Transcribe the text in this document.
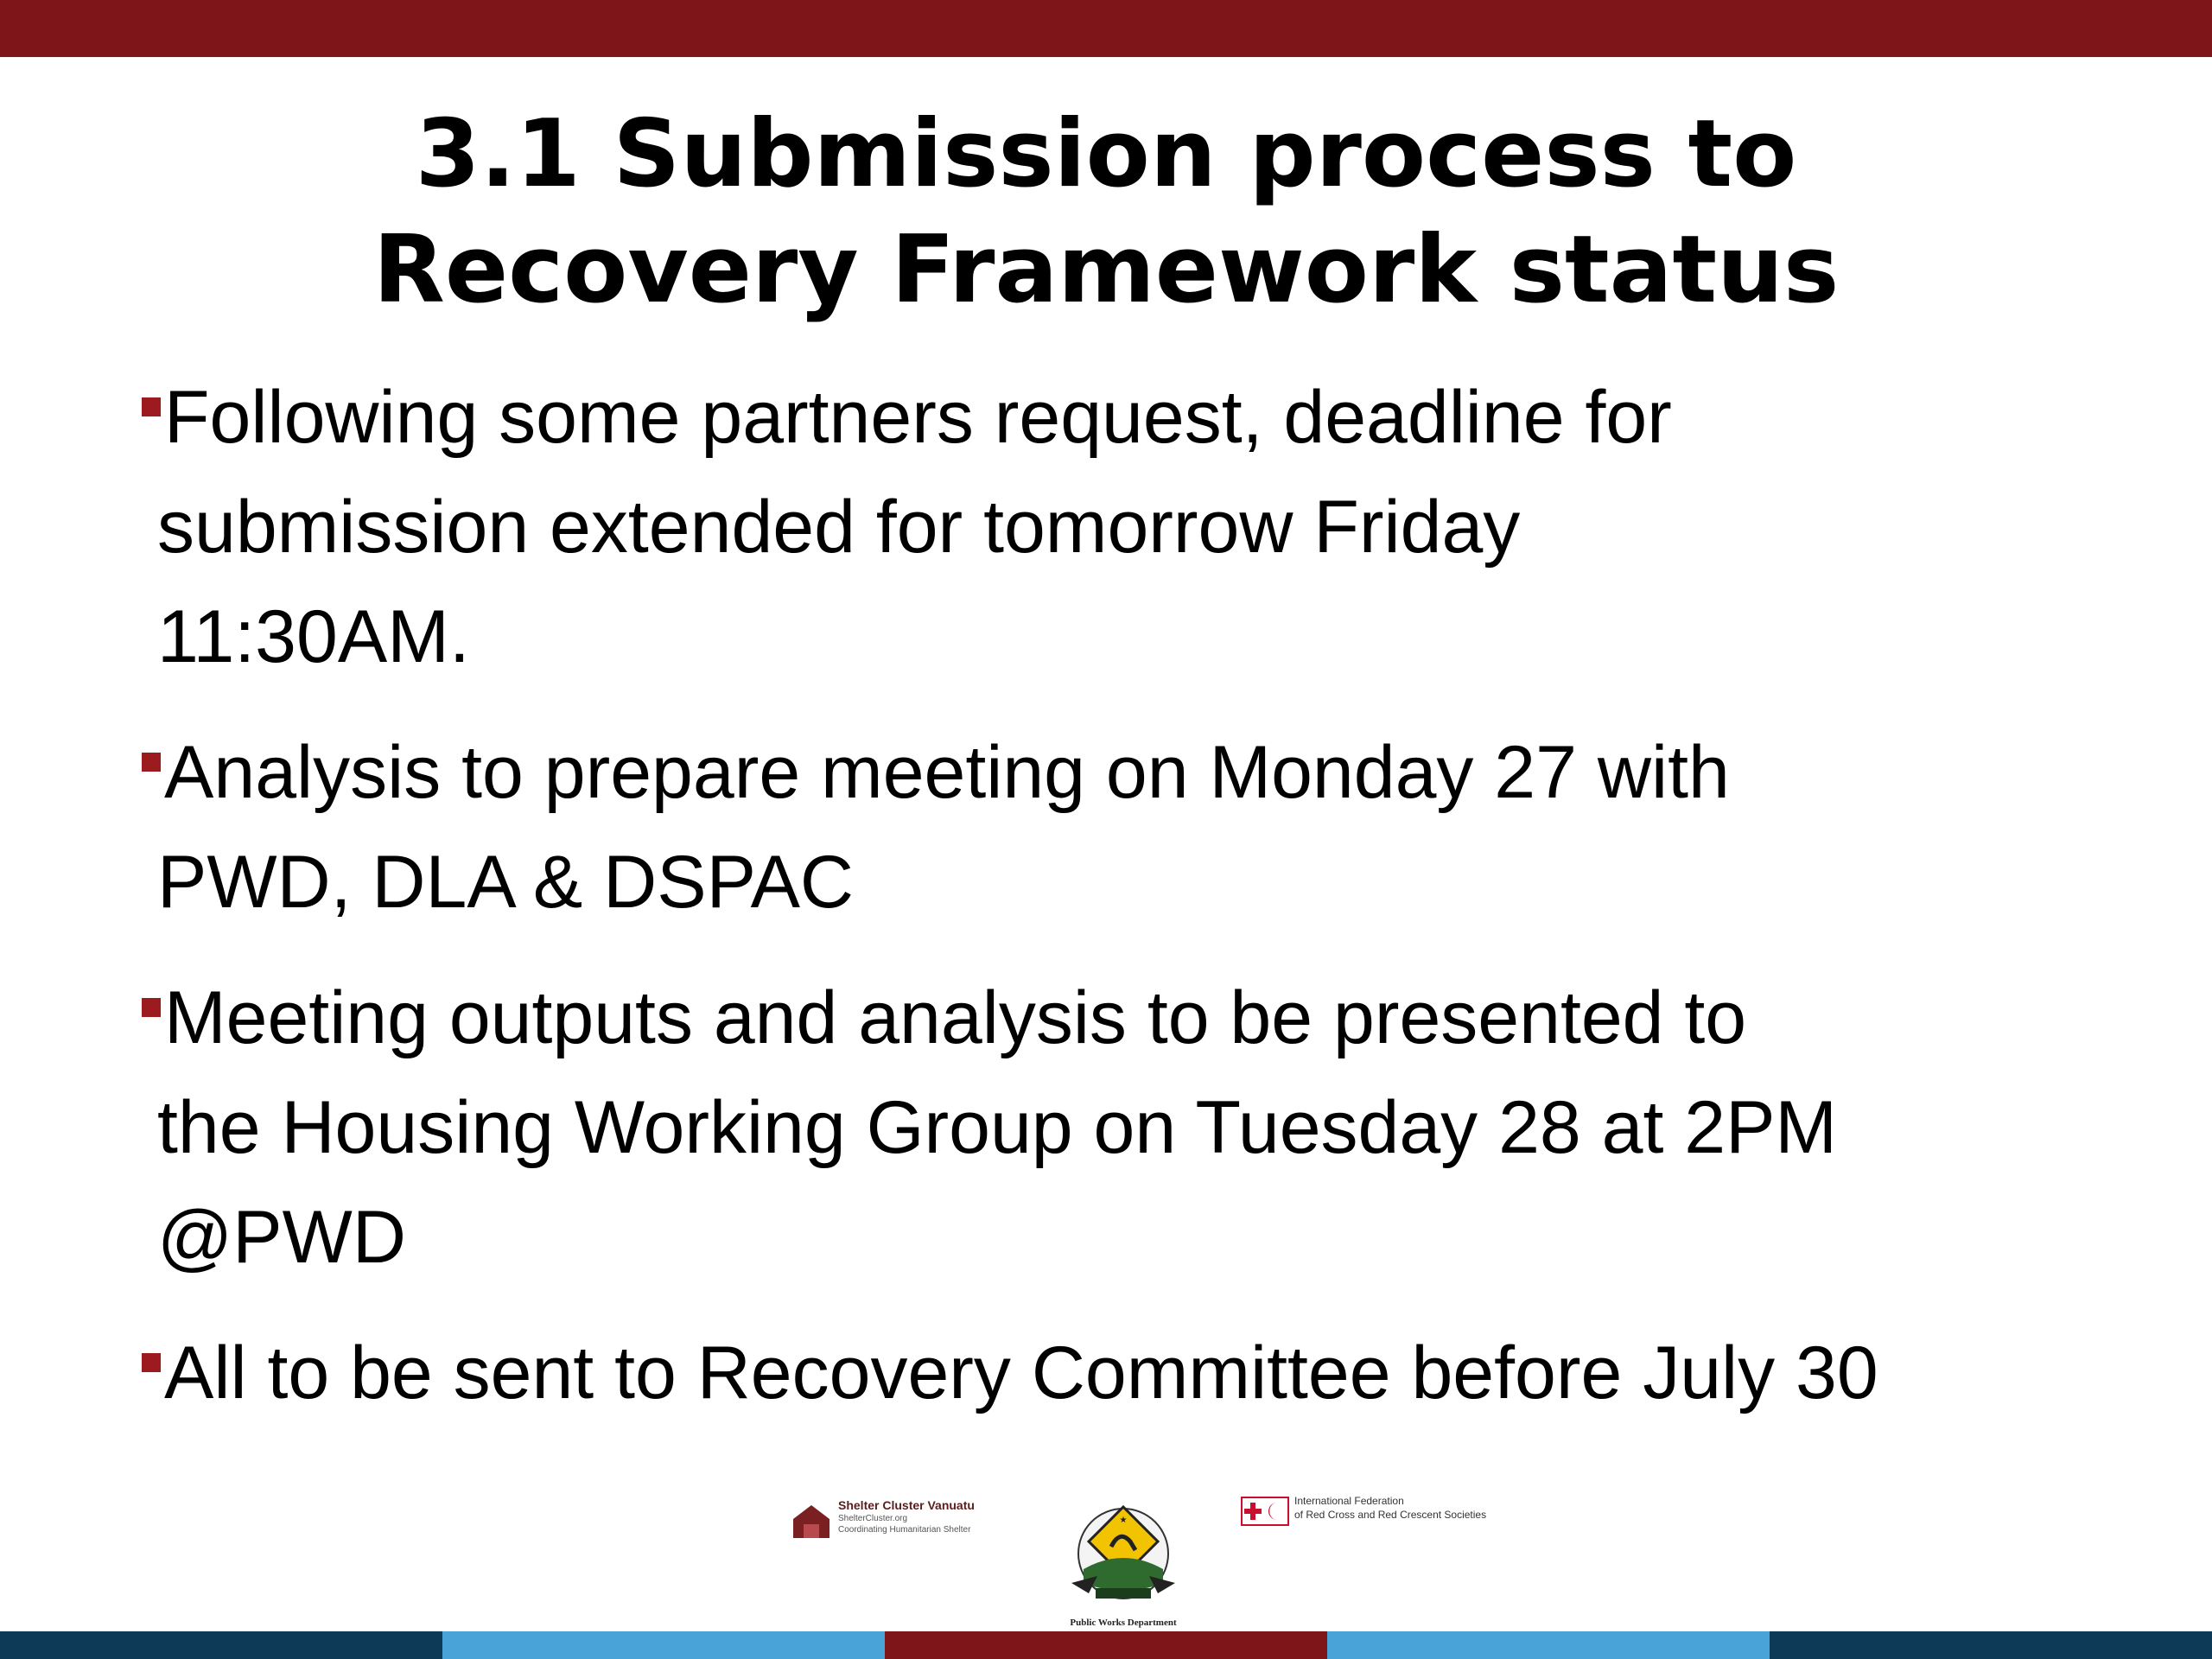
3.1 Submission process to
Recovery Framework status
Following some partners request, deadline for
submission extended for tomorrow Friday
11:30AM.
Analysis to prepare meeting on Monday 27 with
PWD, DLA & DSPAC
Meeting outputs and analysis to be presented to
the Housing Working Group on Tuesday 28 at 2PM
@PWD
All to be sent to Recovery Committee before July 30
Shelter Cluster Vanuatu
ShelterCluster.org
Coordinating Humanitarian Shelter
★
Public Works Department
International Federation
of Red Cross and Red Crescent Societies
